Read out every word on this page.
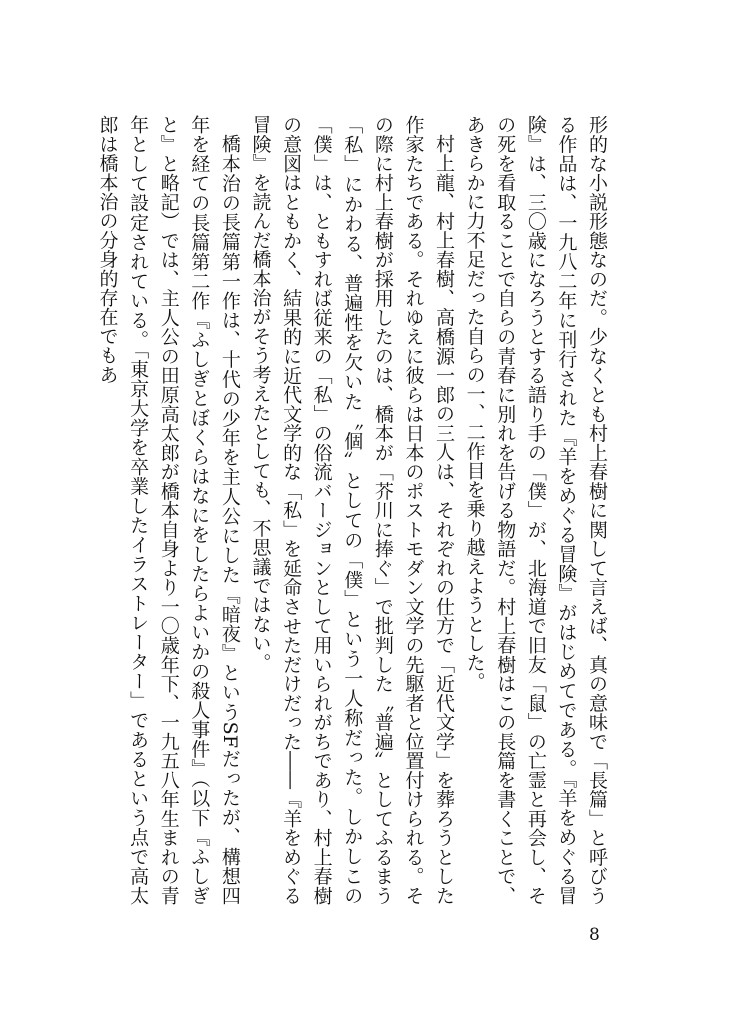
形的な小説形態なのだ。少なくとも村上春樹に関して言えば、真の意味で「長篇」と呼びうる作品は、一九八二年に刊行された『羊をめぐる冒険』がはじめてである。『羊をめぐる冒険』は、三〇歳になろうとする語り手の「僕」が、北海道で旧友「鼠」の亡霊と再会し、その死を看取ることで自らの青春に別れを告げる物語だ。村上春樹はこの長篇を書くことで、あきらかに力不足だった自らの一、二作目を乗り越えようとした。

村上龍、村上春樹、高橋源一郎の三人は、それぞれの仕方で「近代文学」を葬ろうとした作家たちである。それゆえに彼らは日本のポストモダン文学の先駆者と位置付けられる。その際に村上春樹が採用したのは、橋本が「芥川に捧ぐ」で批判した〝普遍〟としてふるまう「私」にかわる、普遍性を欠いた〝個〟としての「僕」という一人称だった。しかしこの「僕」は、ともすれば従来の「私」の俗流バージョンとして用いられがちであり、村上春樹の意図はともかく、結果的に近代文学的な「私」を延命させただけだった――『羊をめぐる冒険』を読んだ橋本治がそう考えたとしても、不思議ではない。

橋本治の長篇第一作は、十代の少年を主人公にした『暗夜』というSFだったが、構想四年を経ての長篇第二作『ふしぎとぼくらはなにをしたらよいかの殺人事件』（以下『ふしぎと』と略記）では、主人公の田原高太郎が橋本自身より一〇歳年下、一九五八年生まれの青年として設定されている。「東京大学を卒業したイラストレーター」であるという点で高太郎は橋本治の分身的存在でもあ

8
